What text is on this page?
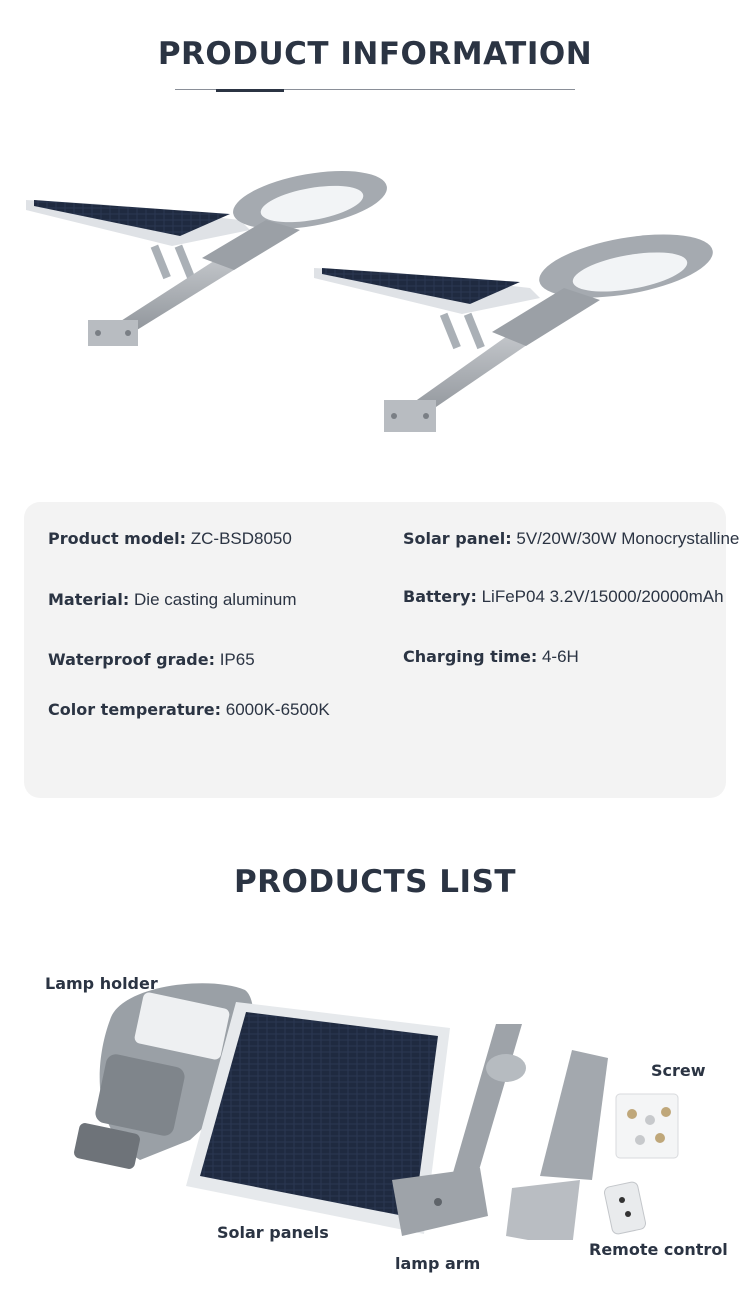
PRODUCT INFORMATION
Product model: ZC-BSD8050
Material: Die casting aluminum
Waterproof grade: IP65
Color temperature: 6000K-6500K
Solar panel: 5V/20W/30W Monocrystalline
Battery: LiFeP04 3.2V/15000/20000mAh
Charging time: 4-6H
PRODUCTS LIST
Lamp holder
Solar panels
lamp arm
Screw
Remote control
